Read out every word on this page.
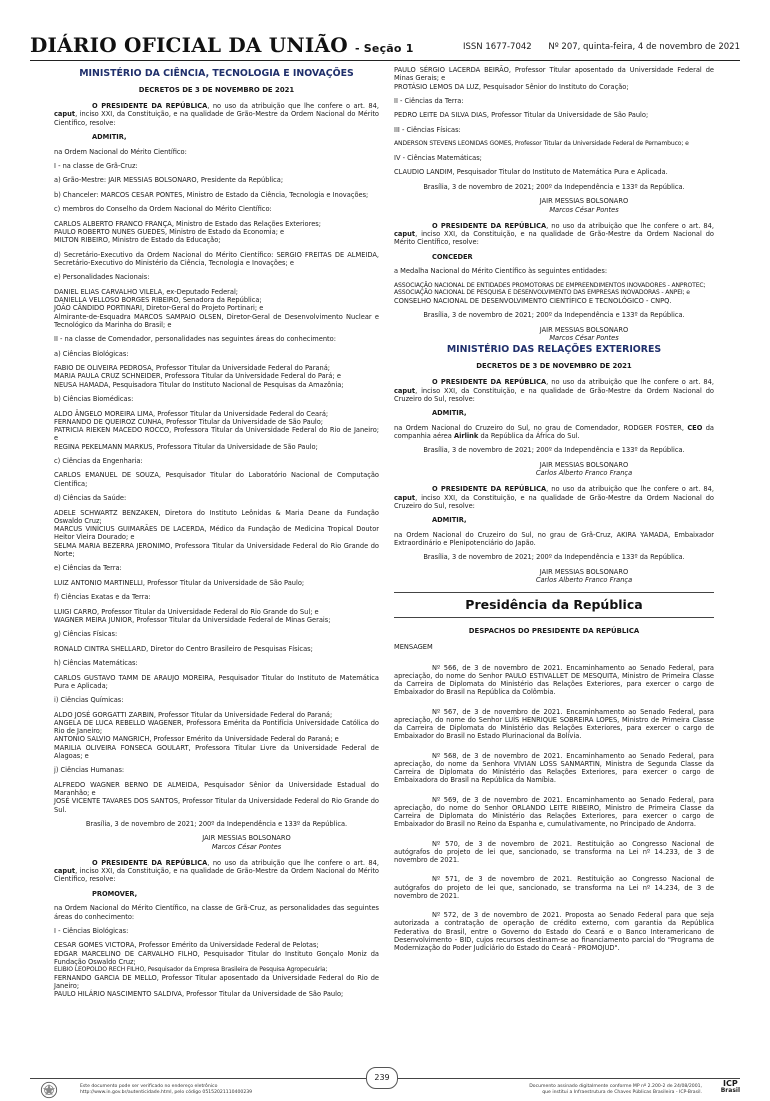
DIÁRIO OFICIAL DA UNIÃO - Seção 1	ISSN 1677-7042 Nº 207, quinta-feira, 4 de novembro de 2021
MINISTÉRIO DA CIÊNCIA, TECNOLOGIA E INOVAÇÕES
DECRETOS DE 3 DE NOVEMBRO DE 2021

O PRESIDENTE DA REPÚBLICA, no uso da atribuição que lhe confere o art. 84, caput, inciso XXI, da Constituição, e na qualidade de Grão-Mestre da Ordem Nacional do Mérito Científico, resolve:

ADMITIR,

na Ordem Nacional do Mérito Científico:

I - na classe de Grã-Cruz:

a) Grão-Mestre: JAIR MESSIAS BOLSONARO, Presidente da República;

b) Chanceler: MARCOS CESAR PONTES, Ministro de Estado da Ciência, Tecnologia e Inovações;

c) membros do Conselho da Ordem Nacional do Mérito Científico:

CARLOS ALBERTO FRANCO FRANÇA, Ministro de Estado das Relações Exteriores;

PAULO ROBERTO NUNES GUEDES, Ministro de Estado da Economia; e

MILTON RIBEIRO, Ministro de Estado da Educação;

d) Secretário-Executivo da Ordem Nacional do Mérito Científico: SERGIO FREITAS DE ALMEIDA, Secretário-Executivo do Ministério da Ciência, Tecnologia e Inovações; e

e) Personalidades Nacionais:

DANIEL ELIAS CARVALHO VILELA, ex-Deputado Federal;

DANIELLA VELLOSO BORGES RIBEIRO, Senadora da República;

JOÃO CÂNDIDO PORTINARI, Diretor-Geral do Projeto Portinari; e

Almirante-de-Esquadra MARCOS SAMPAIO OLSEN, Diretor-Geral de Desenvolvimento Nuclear e Tecnológico da Marinha do Brasil; e

II - na classe de Comendador, personalidades nas seguintes áreas do conhecimento:

a) Ciências Biológicas:

FABIO DE OLIVEIRA PEDROSA, Professor Titular da Universidade Federal do Paraná;

MARIA PAULA CRUZ SCHNEIDER, Professora Titular da Universidade Federal do Pará; e

NEUSA HAMADA, Pesquisadora Titular do Instituto Nacional de Pesquisas da Amazônia;

b) Ciências Biomédicas:

ALDO ÂNGELO MOREIRA LIMA, Professor Titular da Universidade Federal do Ceará;

FERNANDO DE QUEIROZ CUNHA, Professor Titular da Universidade de São Paulo;

PATRICIA RIEKEN MACEDO ROCCO, Professora Titular da Universidade Federal do Rio de Janeiro; e

REGINA PEKELMANN MARKUS, Professora Titular da Universidade de São Paulo;

c) Ciências da Engenharia:

CARLOS EMANUEL DE SOUZA, Pesquisador Titular do Laboratório Nacional de Computação Científica;

d) Ciências da Saúde:

ADELE SCHWARTZ BENZAKEN, Diretora do Instituto Leônidas & Maria Deane da Fundação Oswaldo Cruz;

MARCUS VINÍCIUS GUIMARÃES DE LACERDA, Médico da Fundação de Medicina Tropical Doutor Heitor Vieira Dourado; e

SELMA MARIA BEZERRA JERONIMO, Professora Titular da Universidade Federal do Rio Grande do Norte;

e) Ciências da Terra:

LUIZ ANTONIO MARTINELLI, Professor Titular da Universidade de São Paulo;

f) Ciências Exatas e da Terra:

LUIGI CARRO, Professor Titular da Universidade Federal do Rio Grande do Sul; e

WAGNER MEIRA JUNIOR, Professor Titular da Universidade Federal de Minas Gerais;

g) Ciências Físicas:

RONALD CINTRA SHELLARD, Diretor do Centro Brasileiro de Pesquisas Físicas;

h) Ciências Matemáticas:

CARLOS GUSTAVO TAMM DE ARAUJO MOREIRA, Pesquisador Titular do Instituto de Matemática Pura e Aplicada;

i) Ciências Químicas:

ALDO JOSÉ GORGATTI ZARBIN, Professor Titular da Universidade Federal do Paraná;

ANGELA DE LUCA REBELLO WAGENER, Professora Emérita da Pontifícia Universidade Católica do Rio de Janeiro;

ANTONIO SALVIO MANGRICH, Professor Emérito da Universidade Federal do Paraná; e

MARILIA OLIVEIRA FONSECA GOULART, Professora Titular Livre da Universidade Federal de Alagoas; e

j) Ciências Humanas:

ALFREDO WAGNER BERNO DE ALMEIDA, Pesquisador Sênior da Universidade Estadual do Maranhão; e

JOSÉ VICENTE TAVARES DOS SANTOS, Professor Titular da Universidade Federal do Rio Grande do Sul.

Brasília, 3 de novembro de 2021; 200º da Independência e 133º da República.

JAIR MESSIAS BOLSONARO
Marcos César Pontes

O PRESIDENTE DA REPÚBLICA, no uso da atribuição que lhe confere o art. 84, caput, inciso XXI, da Constituição, e na qualidade de Grão-Mestre da Ordem Nacional do Mérito Científico, resolve:

PROMOVER,

na Ordem Nacional do Mérito Científico, na classe de Grã-Cruz, as personalidades das seguintes áreas do conhecimento:

I - Ciências Biológicas:

CESAR GOMES VICTORA, Professor Emérito da Universidade Federal de Pelotas;

EDGAR MARCELINO DE CARVALHO FILHO, Pesquisador Titular do Instituto Gonçalo Moniz da Fundação Oswaldo Cruz;

ELIBIO LEOPOLDO RECH FILHO, Pesquisador da Empresa Brasileira de Pesquisa Agropecuária;

FERNANDO GARCIA DE MELLO, Professor Titular aposentado da Universidade Federal do Rio de Janeiro;

PAULO HILÁRIO NASCIMENTO SALDIVA, Professor Titular da Universidade de São Paulo;

PAULO SÉRGIO LACERDA BEIRÃO, Professor Titular aposentado da Universidade Federal de Minas Gerais; e

PROTÁSIO LEMOS DA LUZ, Pesquisador Sênior do Instituto do Coração;

II - Ciências da Terra:

PEDRO LEITE DA SILVA DIAS, Professor Titular da Universidade de São Paulo;

III - Ciências Físicas:

ANDERSON STEVENS LEONIDAS GOMES, Professor Titular da Universidade Federal de Pernambuco; e

IV - Ciências Matemáticas;

CLAUDIO LANDIM, Pesquisador Titular do Instituto de Matemática Pura e Aplicada.

Brasília, 3 de novembro de 2021; 200º da Independência e 133º da República.

JAIR MESSIAS BOLSONARO
Marcos César Pontes

O PRESIDENTE DA REPÚBLICA, no uso da atribuição que lhe confere o art. 84, caput, inciso XXI, da Constituição, e na qualidade de Grão-Mestre da Ordem Nacional do Mérito Científico, resolve:

CONCEDER

a Medalha Nacional do Mérito Científico às seguintes entidades:

ASSOCIAÇÃO NACIONAL DE ENTIDADES PROMOTORAS DE EMPREENDIMENTOS INOVADORES - ANPROTEC;

ASSOCIAÇÃO NACIONAL DE PESQUISA E DESENVOLVIMENTO DAS EMPRESAS INOVADORAS - ANPEI; e

CONSELHO NACIONAL DE DESENVOLVIMENTO CIENTÍFICO E TECNOLÓGICO - CNPQ.

Brasília, 3 de novembro de 2021; 200º da Independência e 133º da República.

JAIR MESSIAS BOLSONARO
Marcos César Pontes
MINISTÉRIO DAS RELAÇÕES EXTERIORES
DECRETOS DE 3 DE NOVEMBRO DE 2021

O PRESIDENTE DA REPÚBLICA, no uso da atribuição que lhe confere o art. 84, caput, inciso XXI, da Constituição, e na qualidade de Grão-Mestre da Ordem Nacional do Cruzeiro do Sul, resolve:

ADMITIR,

na Ordem Nacional do Cruzeiro do Sul, no grau de Comendador, RODGER FOSTER, CEO da companhia aérea Airlink da República da África do Sul.

Brasília, 3 de novembro de 2021; 200º da Independência e 133º da República.

JAIR MESSIAS BOLSONARO
Carlos Alberto Franco França

O PRESIDENTE DA REPÚBLICA, no uso da atribuição que lhe confere o art. 84, caput, inciso XXI, da Constituição, e na qualidade de Grão-Mestre da Ordem Nacional do Cruzeiro do Sul, resolve:

ADMITIR,

na Ordem Nacional do Cruzeiro do Sul, no grau de Grã-Cruz, AKIRA YAMADA, Embaixador Extraordinário e Plenipotenciário do Japão.

Brasília, 3 de novembro de 2021; 200º da Independência e 133º da República.

JAIR MESSIAS BOLSONARO
Carlos Alberto Franco França
Presidência da República
DESPACHOS DO PRESIDENTE DA REPÚBLICA

MENSAGEM

Nº 566, de 3 de novembro de 2021. Encaminhamento ao Senado Federal, para apreciação, do nome do Senhor PAULO ESTIVALLET DE MESQUITA, Ministro de Primeira Classe da Carreira de Diplomata do Ministério das Relações Exteriores, para exercer o cargo de Embaixador do Brasil na República da Colômbia.

Nº 567, de 3 de novembro de 2021. Encaminhamento ao Senado Federal, para apreciação, do nome do Senhor LUÍS HENRIQUE SOBREIRA LOPES, Ministro de Primeira Classe da Carreira de Diplomata do Ministério das Relações Exteriores, para exercer o cargo de Embaixador do Brasil no Estado Plurinacional da Bolívia.

Nº 568, de 3 de novembro de 2021. Encaminhamento ao Senado Federal, para apreciação, do nome da Senhora VIVIAN LOSS SANMARTIN, Ministra de Segunda Classe da Carreira de Diplomata do Ministério das Relações Exteriores, para exercer o cargo de Embaixadora do Brasil na República da Namíbia.

Nº 569, de 3 de novembro de 2021. Encaminhamento ao Senado Federal, para apreciação, do nome do Senhor ORLANDO LEITE RIBEIRO, Ministro de Primeira Classe da Carreira de Diplomata do Ministério das Relações Exteriores, para exercer o cargo de Embaixador do Brasil no Reino da Espanha e, cumulativamente, no Principado de Andorra.

Nº 570, de 3 de novembro de 2021. Restituição ao Congresso Nacional de autógrafos do projeto de lei que, sancionado, se transforma na Lei nº 14.233, de 3 de novembro de 2021.

Nº 571, de 3 de novembro de 2021. Restituição ao Congresso Nacional de autógrafos do projeto de lei que, sancionado, se transforma na Lei nº 14.234, de 3 de novembro de 2021.

Nº 572, de 3 de novembro de 2021. Proposta ao Senado Federal para que seja autorizada a contratação de operação de crédito externo, com garantia da República Federativa do Brasil, entre o Governo do Estado do Ceará e o Banco Interamericano de Desenvolvimento - BID, cujos recursos destinam-se ao financiamento parcial do "Programa de Modernização do Poder Judiciário do Estado do Ceará - PROMOJUD".

Este documento pode ser verificado no endereço eletrônico
http://www.in.gov.br/autenticidade.html, pelo código 05152021110400239
239
Documento assinado digitalmente conforme MP nº 2.200-2 de 24/08/2001,
que institui a Infraestrutura de Chaves Públicas Brasileira - ICP-Brasil.
ICP
Brasil
